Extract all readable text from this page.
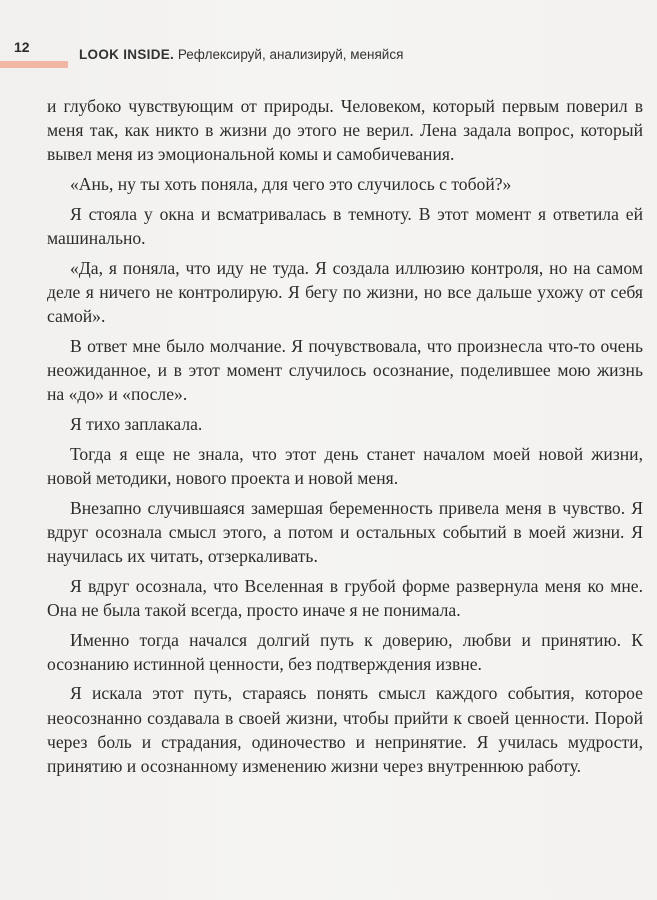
12	LOOK INSIDE. Рефлексируй, анализируй, меняйся

и глубоко чувствующим от природы. Человеком, который первым поверил в меня так, как никто в жизни до этого не верил. Лена задала вопрос, который вывел меня из эмоциональной комы и самобичевания.

«Ань, ну ты хоть поняла, для чего это случилось с тобой?»

Я стояла у окна и всматривалась в темноту. В этот момент я ответила ей машинально.

«Да, я поняла, что иду не туда. Я создала иллюзию контроля, но на самом деле я ничего не контролирую. Я бегу по жизни, но все дальше ухожу от себя самой».

В ответ мне было молчание. Я почувствовала, что произнесла что-то очень неожиданное, и в этот момент случилось осознание, поделившее мою жизнь на «до» и «после».

Я тихо заплакала.

Тогда я еще не знала, что этот день станет началом моей новой жизни, новой методики, нового проекта и новой меня.

Внезапно случившаяся замершая беременность привела меня в чувство. Я вдруг осознала смысл этого, а потом и остальных событий в моей жизни. Я научилась их читать, отзеркаливать.

Я вдруг осознала, что Вселенная в грубой форме развернула меня ко мне. Она не была такой всегда, просто иначе я не понимала.

Именно тогда начался долгий путь к доверию, любви и принятию. К осознанию истинной ценности, без подтверждения извне.

Я искала этот путь, стараясь понять смысл каждого события, которое неосознанно создавала в своей жизни, чтобы прийти к своей ценности. Порой через боль и страдания, одиночество и непринятие. Я училась мудрости, принятию и осознанному изменению жизни через внутреннюю работу.
